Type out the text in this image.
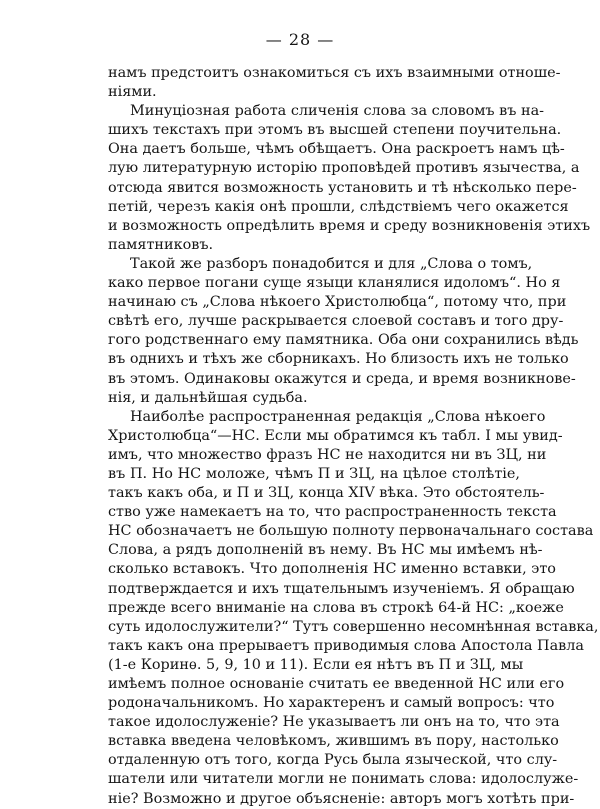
— 28 —
намъ предстоитъ ознакомиться съ ихъ взаимными отноше-
ніями.
Минуціозная работа сличенія слова за словомъ въ на-
шихъ текстахъ при этомъ въ высшей степени поучительна.
Она даетъ больше, чѣмъ обѣщаетъ. Она раскроетъ намъ цѣ-
лую литературную исторію проповѣдей противъ язычества, а
отсюда явится возможность установить и тѣ нѣсколько пере-
петій, черезъ какія онѣ прошли, слѣдствіемъ чего окажется
и возможность опредѣлить время и среду возникновенія этихъ
памятниковъ.
Такой же разборъ понадобится и для „Слова о томъ,
како первое погани суще языци кланялися идоломъ“. Но я
начинаю съ „Слова нѣкоего Христолюбца“, потому что, при
свѣтѣ его, лучше раскрывается слоевой составъ и того дру-
гого родственнаго ему памятника. Оба они сохранились вѣдь
въ однихъ и тѣхъ же сборникахъ. Но близость ихъ не только
въ этомъ. Одинаковы окажутся и среда, и время возникнове-
нія, и дальнѣйшая судьба.
Наиболѣе распространенная редакція „Слова нѣкоего
Христолюбца“—НС. Если мы обратимся къ табл. I мы увид-
имъ, что множество фразъ НС не находится ни въ ЗЦ, ни
въ П. Но НС моложе, чѣмъ П и ЗЦ, на цѣлое столѣтіе,
такъ какъ оба, и П и ЗЦ, конца XIV вѣка. Это обстоятель-
ство уже намекаетъ на то, что распространенность текста
НС обозначаетъ не большую полноту первоначальнаго состава
Слова, а рядъ дополненій въ нему. Въ НС мы имѣемъ нѣ-
сколько вставокъ. Что дополненія НС именно вставки, это
подтверждается и ихъ тщательнымъ изученіемъ. Я обращаю
прежде всего вниманіе на слова въ строкѣ 64-й НС: „коеже
суть идолослужители?“ Тутъ совершенно несомнѣнная вставка,
такъ какъ она прерываетъ приводимыя слова Апостола Павла
(1-е Коринѳ. 5, 9, 10 и 11). Если ея нѣтъ въ П и ЗЦ, мы
имѣемъ полное основаніе считать ее введенной НС или его
родоначальникомъ. Но характеренъ и самый вопросъ: что
такое идолослуженіе? Не указываетъ ли онъ на то, что эта
вставка введена человѣкомъ, жившимъ въ пору, настолько
отдаленную отъ того, когда Русь была языческой, что слу-
шатели или читатели могли не понимать слова: идолослуже-
ніе? Возможно и другое объясненіе: авторъ могъ хотѣть при-
